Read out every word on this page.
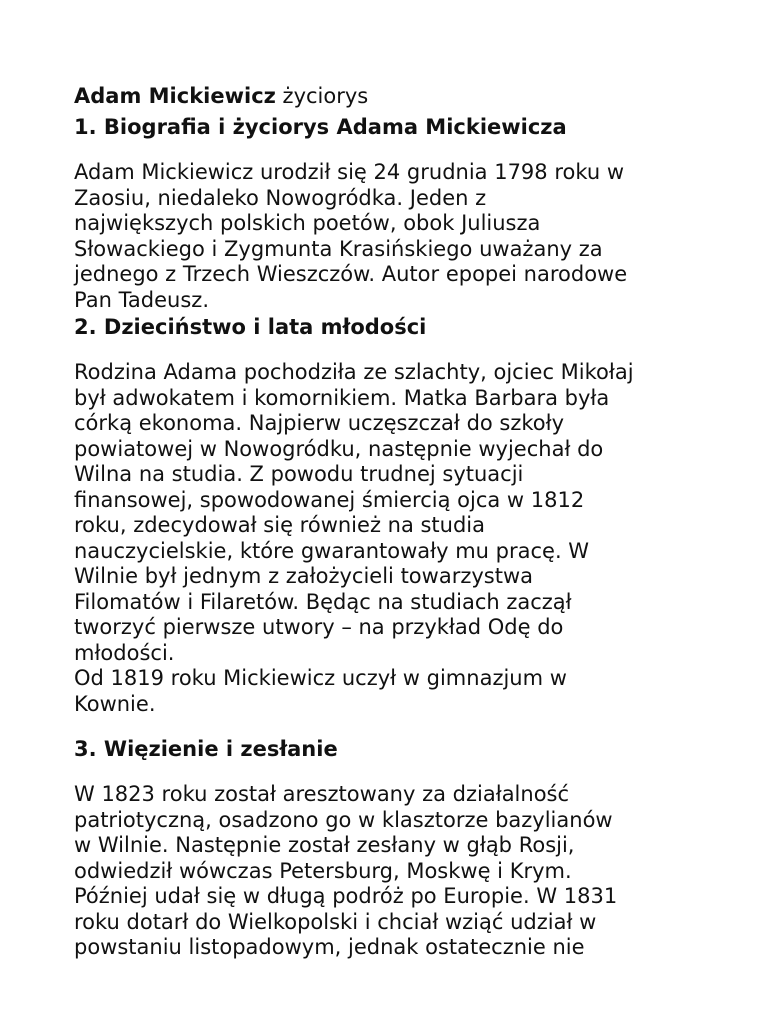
Adam Mickiewicz życiorys
1. Biografia i życiorys Adama Mickiewicza

Adam Mickiewicz urodził się 24 grudnia 1798 roku w
Zaosiu, niedaleko Nowogródka. Jeden z
największych polskich poetów, obok Juliusza
Słowackiego i Zygmunta Krasińskiego uważany za
jednego z Trzech Wieszczów. Autor epopei narodowe
Pan Tadeusz.

2. Dzieciństwo i lata młodości

Rodzina Adama pochodziła ze szlachty, ojciec Mikołaj
był adwokatem i komornikiem. Matka Barbara była
córką ekonoma. Najpierw uczęszczał do szkoły
powiatowej w Nowogródku, następnie wyjechał do
Wilna na studia. Z powodu trudnej sytuacji
finansowej, spowodowanej śmiercią ojca w 1812
roku, zdecydował się również na studia
nauczycielskie, które gwarantowały mu pracę. W
Wilnie był jednym z założycieli towarzystwa
Filomatów i Filaretów. Będąc na studiach zaczął
tworzyć pierwsze utwory – na przykład Odę do
młodości.

Od 1819 roku Mickiewicz uczył w gimnazjum w
Kownie.

3. Więzienie i zesłanie

W 1823 roku został aresztowany za działalność
patriotyczną, osadzono go w klasztorze bazylianów
w Wilnie. Następnie został zesłany w głąb Rosji,
odwiedził wówczas Petersburg, Moskwę i Krym.
Później udał się w długą podróż po Europie. W 1831
roku dotarł do Wielkopolski i chciał wziąć udział w
powstaniu listopadowym, jednak ostatecznie nie
